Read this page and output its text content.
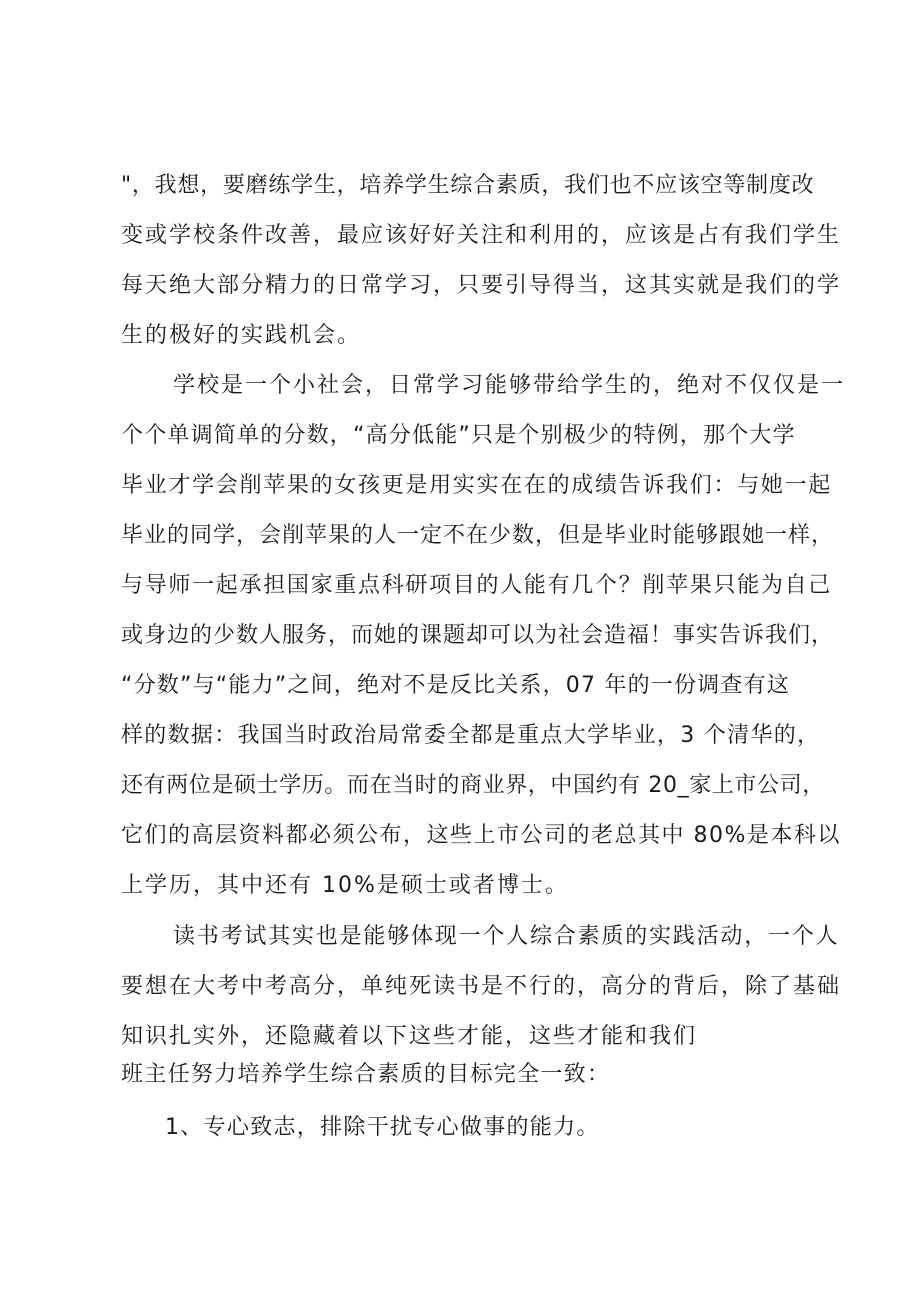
"，我想，要磨练学生，培养学生综合素质，我们也不应该空等制度改
变或学校条件改善，最应该好好关注和利用的，应该是占有我们学生
每天绝大部分精力的日常学习，只要引导得当，这其实就是我们的学
生的极好的实践机会。
学校是一个小社会，日常学习能够带给学生的，绝对不仅仅是一
个个单调简单的分数，“高分低能”只是个别极少的特例，那个大学
毕业才学会削苹果的女孩更是用实实在在的成绩告诉我们：与她一起
毕业的同学，会削苹果的人一定不在少数，但是毕业时能够跟她一样，
与导师一起承担国家重点科研项目的人能有几个？削苹果只能为自己
或身边的少数人服务，而她的课题却可以为社会造福！事实告诉我们，
“分数”与“能力”之间，绝对不是反比关系，07 年的一份调查有这
样的数据：我国当时政治局常委全都是重点大学毕业，3 个清华的，
还有两位是硕士学历。而在当时的商业界，中国约有 20_家上市公司，
它们的高层资料都必须公布，这些上市公司的老总其中 80%是本科以
上学历，其中还有 10%是硕士或者博士。
读书考试其实也是能够体现一个人综合素质的实践活动，一个人
要想在大考中考高分，单纯死读书是不行的，高分的背后，除了基础
知识扎实外，还隐藏着以下这些才能，这些才能和我们
班主任努力培养学生综合素质的目标完全一致：
1、专心致志，排除干扰专心做事的能力。
